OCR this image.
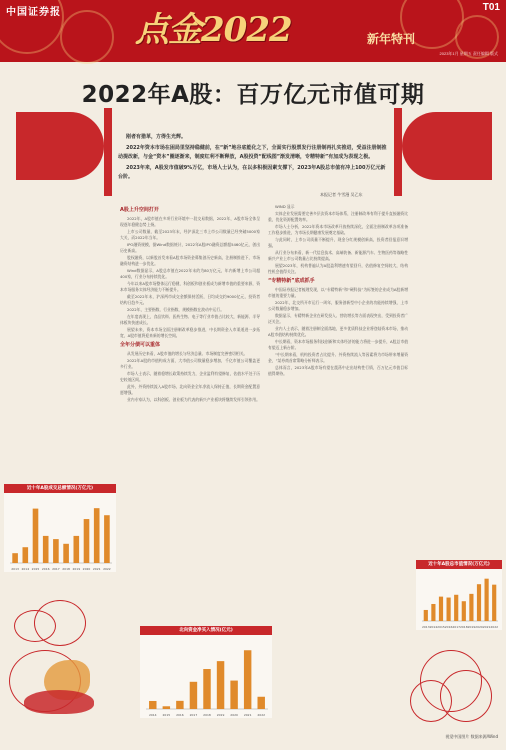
中国证券报	T01
点金2022	新年特刊
2023年1月 星期五 责任编辑 版式
2022年A股：百万亿元市值可期

刚者有猎革，方得生光辉。

2022年资本市场在困局里坚持稳健前，在“新”地谷底能化之下，全面实行股票发行注册制再扎实推进，受益注册制推动提改新，与金“资本”圈逐渐来，制度红利不断释放，A股投资“配线图”渐发清晰，专精特新”有加成为表现之极。

2023年来，A股发市值破9%万亿，市场人士认为，在以多积极因素支撑下，2023年A股总市值有冲上100万亿元新台阶。

本报记者 牛雪漫 吴乙东
A股上升空间打开

2022年，A股市值在多项行业环境中一段交易数据，2022年，A股市场全体呈现逐年稳健态势上扬。

上市公司数量，截至2023年末，经沪深北三市上市公司数量已经突破5000家大关，而2022年当年。

IPO融资规模，据Wind数据统计，2022年A股IPO融资总额超5460亿元，创出历史新高。

股权融资，以新股首发来看A股市场资金募集创历史新高，注册制推进下，市场融资结构进一步优化。

Wind数据显示，A股总市值在2022年末约为80万亿元，年内新增上市公司超400家，行业分布持续优化。

今年以来A股市场整体运行稳健，科创板和创业板成为新增市值的重要来源，资本市场服务实体经济能力不断提升。

截至2022年末，沪深两市成交金额保持活跃，日均成交约9000亿元，投资者结构日趋多元。

2022年，主要指数、行业指数、规模指数在波动中运行。

在年度表现上，食品饮料、医药生物、电子等行业市值占比较大，新能源、半导体板块快速成长。

展望未来，资本市场全面注册制改革稳步推进，中长期资金入市渠道进一步拓宽，A股市值将迎来新的增长空间。

全年分债可以重体

从发展历史来看，A股市值的增长与经济总量、市场制度完善密切相关。

2022年A股的市值构成方面，大市值公司数量稳步增加，千亿市值公司覆盖更多行业。

市场人士表示，随着稳增长政策持续发力，企业盈利有望修复，估值水平处于历史较低区间。

此外，外资持续流入A股市场，北向资金全年净流入保持正值，长期资金配置意愿增强。

业内专家认为，以科创板、创业板为代表的新兴产业板块将继续发挥引领作用。

WIND 显示

实体企业发展需要完善多层次资本市场体系，注册制改革有利于提升直接融资比重，优化资源配置效率。

市场人士分析，2022年资本市场改革开放持续深化，全面注册制改革各项准备工作稳步推进，为市场长期健康发展奠定基础。

与此同时，上市公司质量不断提升，现金分红规模创新高，投资者回报意识增强。

从行业分布来看，新一代信息技术、高端装备、新能源汽车、生物医药等战略性新兴产业上市公司数量占比持续提高。

展望2023年，机构普遍认为A股盈利增速有望回升，估值修复空间较大，结构性机会值得关注。

“专精特新”底成抓手

中国证券报记者梳理发现，以“专精特新”和“硬科技”为标签的企业成为A股新增市值的重要力量。

2022年，北交所开市运行一周年，服务创新型中小企业的功能持续增强，上市公司数量稳步增加。

数据显示，专精特新企业在研发投入、营收增长等方面表现突出，受到投资者广泛关注。

业内人士表示，随着注册制全面落地，更多优质科技企业将登陆资本市场，推动A股市值结构持续优化。

中长期看，资本市场服务科技创新和实体经济的能力将进一步提升，A股总市值有望迈上新台阶。

“中长期来看，机构投资者占比提升、外资持续流入等因素将为市场带来增量资金，”某券商首席策略分析师表示。

总体而言，2023年A股市场有望在震荡中走出结构性行情，百万亿元市值目标值得期待。

近十年A股成交总额情况(万亿元)
2013 2014 2015 2016 2017 2018 2019 2020 2021 2022
近十年A股总市值情况(万亿元)
2013 2014 2015 2016 2017 2018 2019 2020 2021 2022
北向资金净买入情况(亿元)
2014 2015 2016 2017 2018 2019 2020 2021 2022
视觉中国图片 数据来源/Wind
